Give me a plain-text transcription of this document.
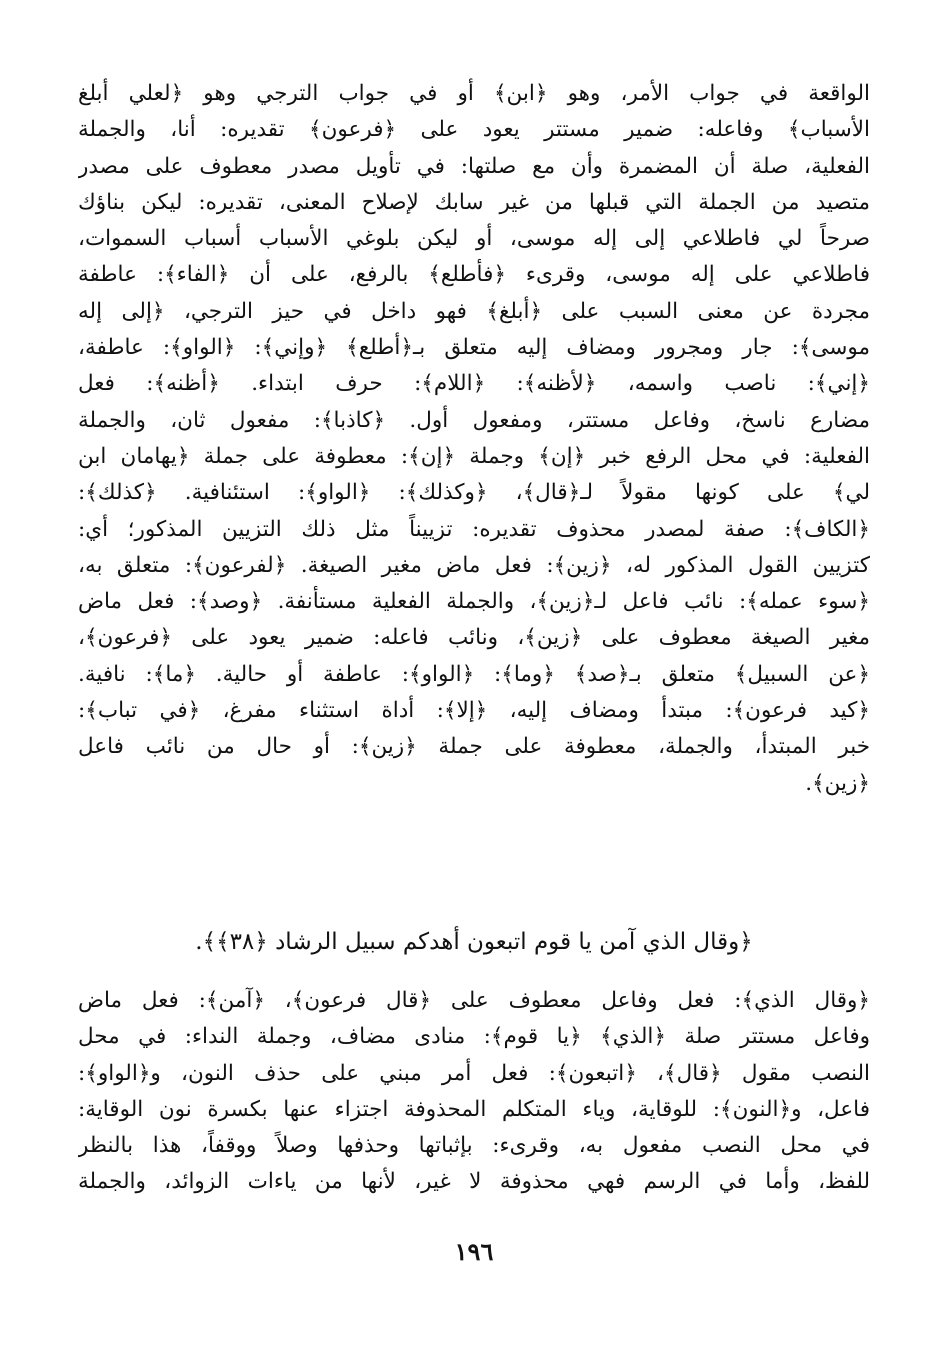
الواقعة في جواب الأمر، وهو ﴿ابن﴾ أو في جواب الترجي وهو ﴿لعلي أبلغ
الأسباب﴾ وفاعله: ضمير مستتر يعود على ﴿فرعون﴾ تقديره: أنا، والجملة
الفعلية، صلة أن المضمرة وأن مع صلتها: في تأويل مصدر معطوف على مصدر
متصيد من الجملة التي قبلها من غير سابك لإصلاح المعنى، تقديره: ليكن بناؤك
صرحاً لي فاطلاعي إلى إله موسى، أو ليكن بلوغي الأسباب أسباب السموات،
فاطلاعي على إله موسى، وقرىء ﴿فأطلع﴾ بالرفع، على أن ﴿الفاء﴾: عاطفة
مجردة عن معنى السبب على ﴿أبلغ﴾ فهو داخل في حيز الترجي، ﴿إلى إله
موسى﴾: جار ومجرور ومضاف إليه متعلق بـ﴿أطلع﴾ ﴿وإني﴾: ﴿الواو﴾: عاطفة،
﴿إني﴾: ناصب واسمه، ﴿لأظنه﴾: ﴿اللام﴾: حرف ابتداء. ﴿أظنه﴾: فعل
مضارع ناسخ، وفاعل مستتر، ومفعول أول. ﴿كاذبا﴾: مفعول ثان، والجملة
الفعلية: في محل الرفع خبر ﴿إن﴾ وجملة ﴿إن﴾: معطوفة على جملة ﴿يهامان ابن
لي﴾ على كونها مقولاً لـ﴿قال﴾، ﴿وكذلك﴾: ﴿الواو﴾: استئنافية. ﴿كذلك﴾:
﴿الكاف﴾: صفة لمصدر محذوف تقديره: تزييناً مثل ذلك التزيين المذكور؛ أي:
كتزيين القول المذكور له، ﴿زين﴾: فعل ماض مغير الصيغة. ﴿لفرعون﴾: متعلق به،
﴿سوء عمله﴾: نائب فاعل لـ﴿زين﴾، والجملة الفعلية مستأنفة. ﴿وصد﴾: فعل ماض
مغير الصيغة معطوف على ﴿زين﴾، ونائب فاعله: ضمير يعود على ﴿فرعون﴾،
﴿عن السبيل﴾ متعلق بـ﴿صد﴾ ﴿وما﴾: ﴿الواو﴾: عاطفة أو حالية. ﴿ما﴾: نافية.
﴿كيد فرعون﴾: مبتدأ ومضاف إليه، ﴿إلا﴾: أداة استثناء مفرغ، ﴿في تباب﴾:
خبر المبتدأ، والجملة، معطوفة على جملة ﴿زين﴾: أو حال من نائب فاعل
﴿زين﴾.
﴿وقال الذي آمن يا قوم اتبعون أهدكم سبيل الرشاد ﴿٣٨﴾﴾.
﴿وقال الذي﴾: فعل وفاعل معطوف على ﴿قال فرعون﴾، ﴿آمن﴾: فعل ماض
وفاعل مستتر صلة ﴿الذي﴾ ﴿يا قوم﴾: منادى مضاف، وجملة النداء: في محل
النصب مقول ﴿قال﴾، ﴿اتبعون﴾: فعل أمر مبني على حذف النون، و﴿الواو﴾:
فاعل، و﴿النون﴾: للوقاية، وياء المتكلم المحذوفة اجتزاء عنها بكسرة نون الوقاية:
في محل النصب مفعول به، وقرىء: بإثباتها وحذفها وصلاً ووقفاً، هذا بالنظر
للفظ، وأما في الرسم فهي محذوفة لا غير، لأنها من ياءات الزوائد، والجملة
١٩٦
